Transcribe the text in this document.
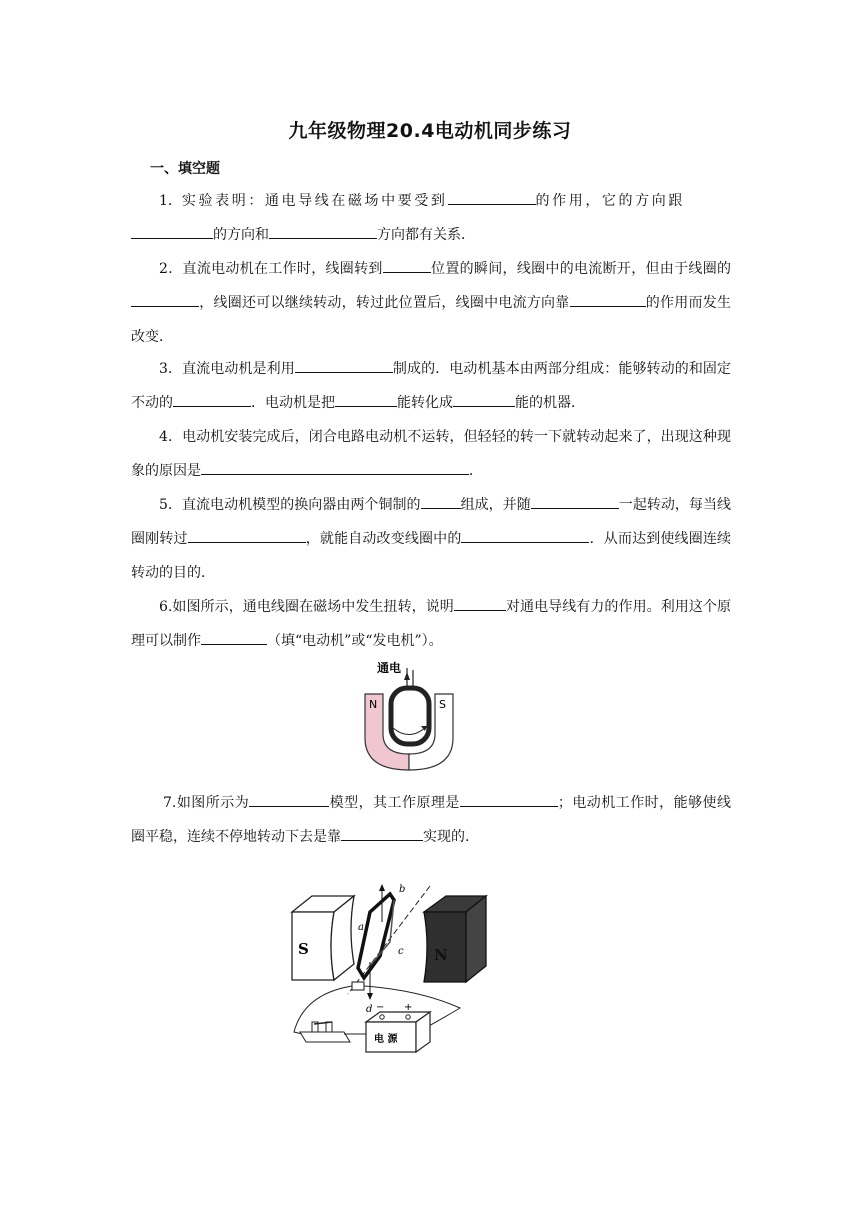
九年级物理20.4电动机同步练习
一、填空题
1．实验表明：通电导线在磁场中要受到	的作用，它的方向跟
的方向和	方向都有关系．
2．直流电动机在工作时，线圈转到	位置的瞬间，线圈中的电流断开，但由于线圈的，线圈还可以继续转动，转过此位置后，线圈中电流方向靠	的作用而发生改变．
3．直流电动机是利用	制成的．电动机基本由两部分组成：能够转动的和固定不动的	．电动机是把	能转化成	能的机器．
4．电动机安装完成后，闭合电路电动机不运转，但轻轻的转一下就转动起来了，出现这种现象的原因是	．
5．直流电动机模型的换向器由两个铜制的	组成，并随	一起转动，每当线圈刚转过	，就能自动改变线圈中的	．从而达到使线圈连续转动的目的．
6.如图所示，通电线圈在磁场中发生扭转，说明	对通电导线有力的作用。利用这个原理可以制作	（填“电动机”或“发电机”）。
通电
N	S
7.如图所示为	模型，其工作原理是	；电动机工作时，能够使线圈平稳，连续不停地转动下去是靠	实现的.
S	N
b
a
c
d − +
电 源
